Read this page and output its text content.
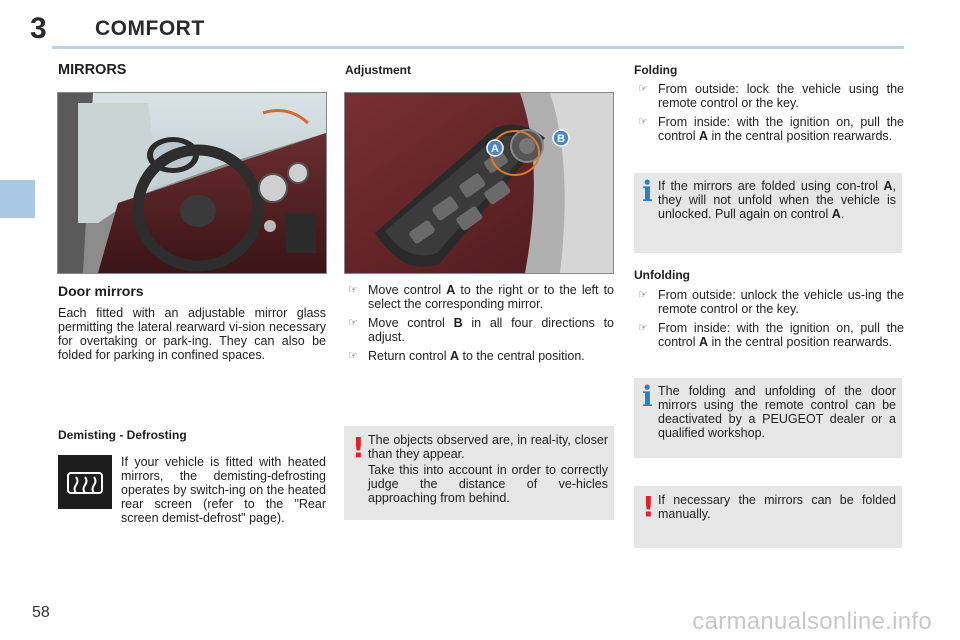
3 COMFORT
MIRRORS
Door mirrors
Each fitted with an adjustable mirror glass permitting the lateral rearward vi-sion necessary for overtaking or park-ing. They can also be folded for parking in confined spaces.
Demisting - Defrosting
If your vehicle is fitted with heated mirrors, the demisting-defrosting operates by switch-ing on the heated rear screen (refer to the "Rear screen demist-defrost" page).
Adjustment
A
B
☞ Move control A to the right or to the left to select the corresponding mirror.
☞ Move control B in all four directions to adjust.
☞ Return control A to the central position.
! The objects observed are, in real-ity, closer than they appear.
Take this into account in order to correctly judge the distance of ve-hicles approaching from behind.
Folding
☞ From outside: lock the vehicle using the remote control or the key.
☞ From inside: with the ignition on, pull the control A in the central position rearwards.
i If the mirrors are folded using con-trol A, they will not unfold when the vehicle is unlocked. Pull again on control A.
Unfolding
☞ From outside: unlock the vehicle us-ing the remote control or the key.
☞ From inside: with the ignition on, pull the control A in the central position rearwards.
i The folding and unfolding of the door mirrors using the remote control can be deactivated by a PEUGEOT dealer or a qualified workshop.
! If necessary the mirrors can be folded manually.
58	carmanualsonline.info
